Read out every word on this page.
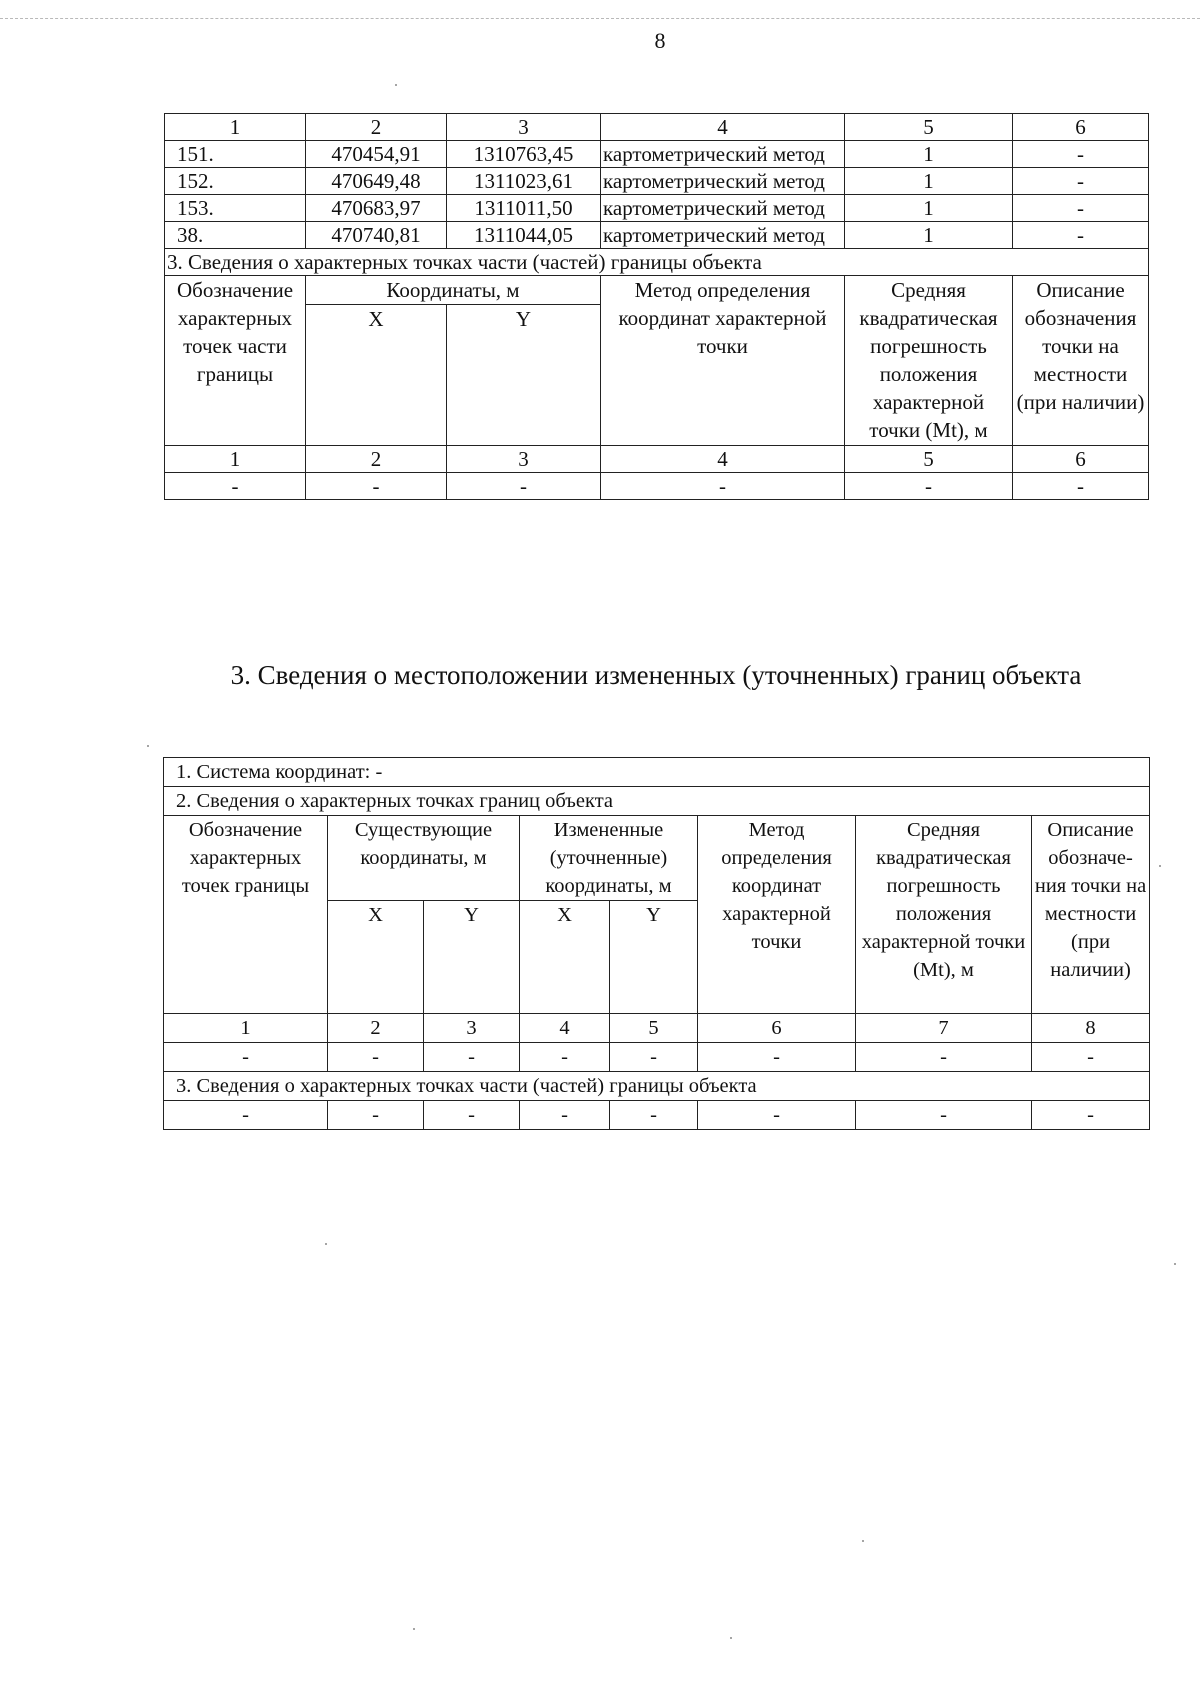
8
1	2	3	4	5	6
151.	470454,91	1310763,45	картометрический метод	1	-
152.	470649,48	1311023,61	картометрический метод	1	-
153.	470683,97	1311011,50	картометрический метод	1	-
38.	470740,81	1311044,05	картометрический метод	1	-
3. Сведения о характерных точках части (частей) границы объекта					
Обозначение характерных точек части границы	Координаты, м		Метод определения координат характерной точки	Средняя квадратическая погрешность положения характерной точки (Mt), м	Описание обозначения точки на местности (при наличии)
	X	Y			
1	2	3	4	5	6
-	-	-	-	-	-
3. Сведения о местоположении измененных (уточненных) границ объекта
1. Система координат: -							
2. Сведения о характерных точках границ объекта							
Обозначение характерных точек границы	Существующие координаты, м		Измененные (уточненные) координаты, м		Метод определения координат характерной точки	Средняя квадратическая погрешность положения характерной точки (Mt), м	Описание обозначе-ния точки на местности (при наличии)
	X	Y	X	Y			
1	2	3	4	5	6	7	8
-	-	-	-	-	-	-	-
3. Сведения о характерных точках части (частей) границы объекта							
-	-	-	-	-	-	-	-
